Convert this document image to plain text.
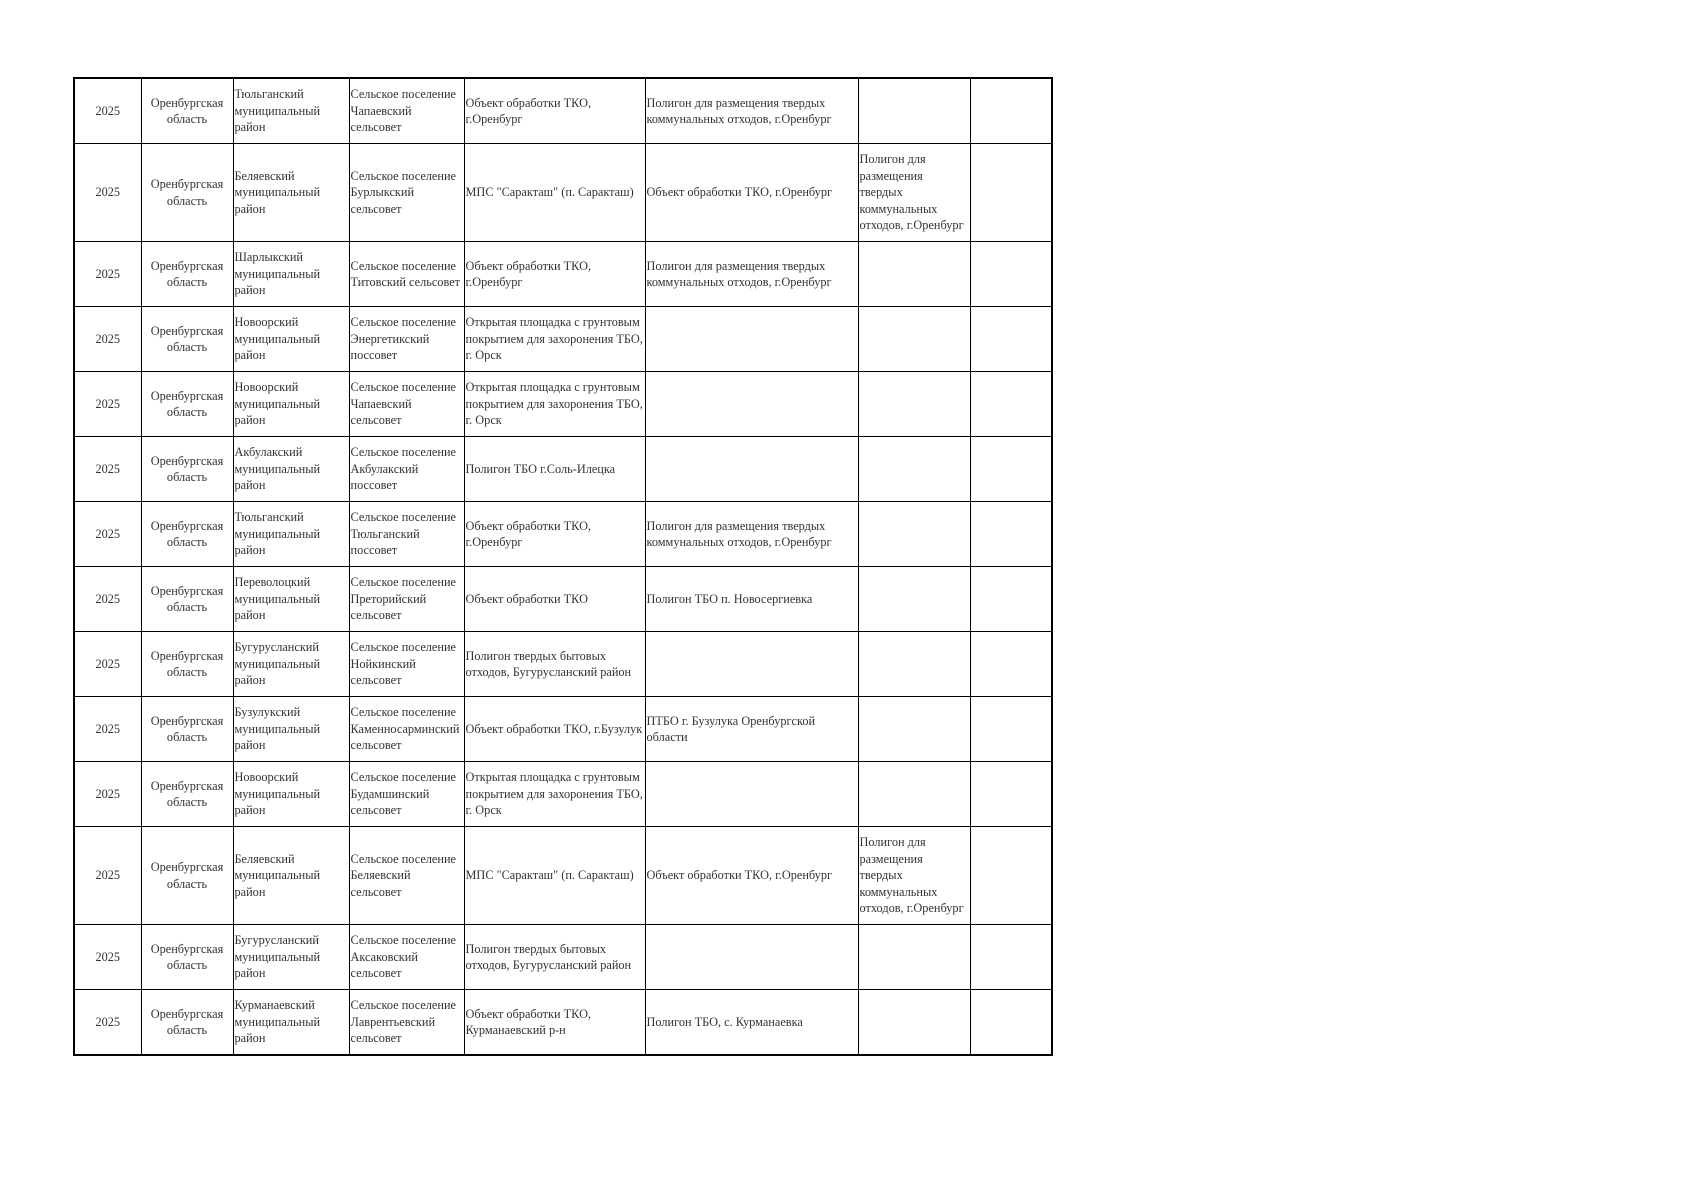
2025	Оренбургская область	Тюльганский муниципальный район	Сельское поселение Чапаевский сельсовет	Объект обработки ТКО, г.Оренбург	Полигон для размещения твердых коммунальных отходов, г.Оренбург		
2025	Оренбургская область	Беляевский муниципальный район	Сельское поселение Бурлыкский сельсовет	МПС "Саракташ" (п. Саракташ)	Объект обработки ТКО, г.Оренбург	Полигон для размещения твердых коммунальных отходов, г.Оренбург	
2025	Оренбургская область	Шарлыкский муниципальный район	Сельское поселение Титовский сельсовет	Объект обработки ТКО, г.Оренбург	Полигон для размещения твердых коммунальных отходов, г.Оренбург		
2025	Оренбургская область	Новоорский муниципальный район	Сельское поселение Энергетикский поссовет	Открытая площадка с грунтовым покрытием для захоронения ТБО, г. Орск			
2025	Оренбургская область	Новоорский муниципальный район	Сельское поселение Чапаевский сельсовет	Открытая площадка с грунтовым покрытием для захоронения ТБО, г. Орск			
2025	Оренбургская область	Акбулакский муниципальный район	Сельское поселение Акбулакский поссовет	Полигон ТБО г.Соль-Илецка			
2025	Оренбургская область	Тюльганский муниципальный район	Сельское поселение Тюльганский поссовет	Объект обработки ТКО, г.Оренбург	Полигон для размещения твердых коммунальных отходов, г.Оренбург		
2025	Оренбургская область	Переволоцкий муниципальный район	Сельское поселение Преторийский сельсовет	Объект обработки ТКО	Полигон ТБО п. Новосергиевка		
2025	Оренбургская область	Бугурусланский муниципальный район	Сельское поселение Нойкинский сельсовет	Полигон твердых бытовых отходов, Бугурусланский район			
2025	Оренбургская область	Бузулукский муниципальный район	Сельское поселение Каменносарминский сельсовет	Объект обработки ТКО, г.Бузулук	ПТБО г. Бузулука Оренбургской области		
2025	Оренбургская область	Новоорский муниципальный район	Сельское поселение Будамшинский сельсовет	Открытая площадка с грунтовым покрытием для захоронения ТБО, г. Орск			
2025	Оренбургская область	Беляевский муниципальный район	Сельское поселение Беляевский сельсовет	МПС "Саракташ" (п. Саракташ)	Объект обработки ТКО, г.Оренбург	Полигон для размещения твердых коммунальных отходов, г.Оренбург	
2025	Оренбургская область	Бугурусланский муниципальный район	Сельское поселение Аксаковский сельсовет	Полигон твердых бытовых отходов, Бугурусланский район			
2025	Оренбургская область	Курманаевский муниципальный район	Сельское поселение Лаврентьевский сельсовет	Объект обработки ТКО, Курманаевский р-н	Полигон ТБО, с. Курманаевка		
